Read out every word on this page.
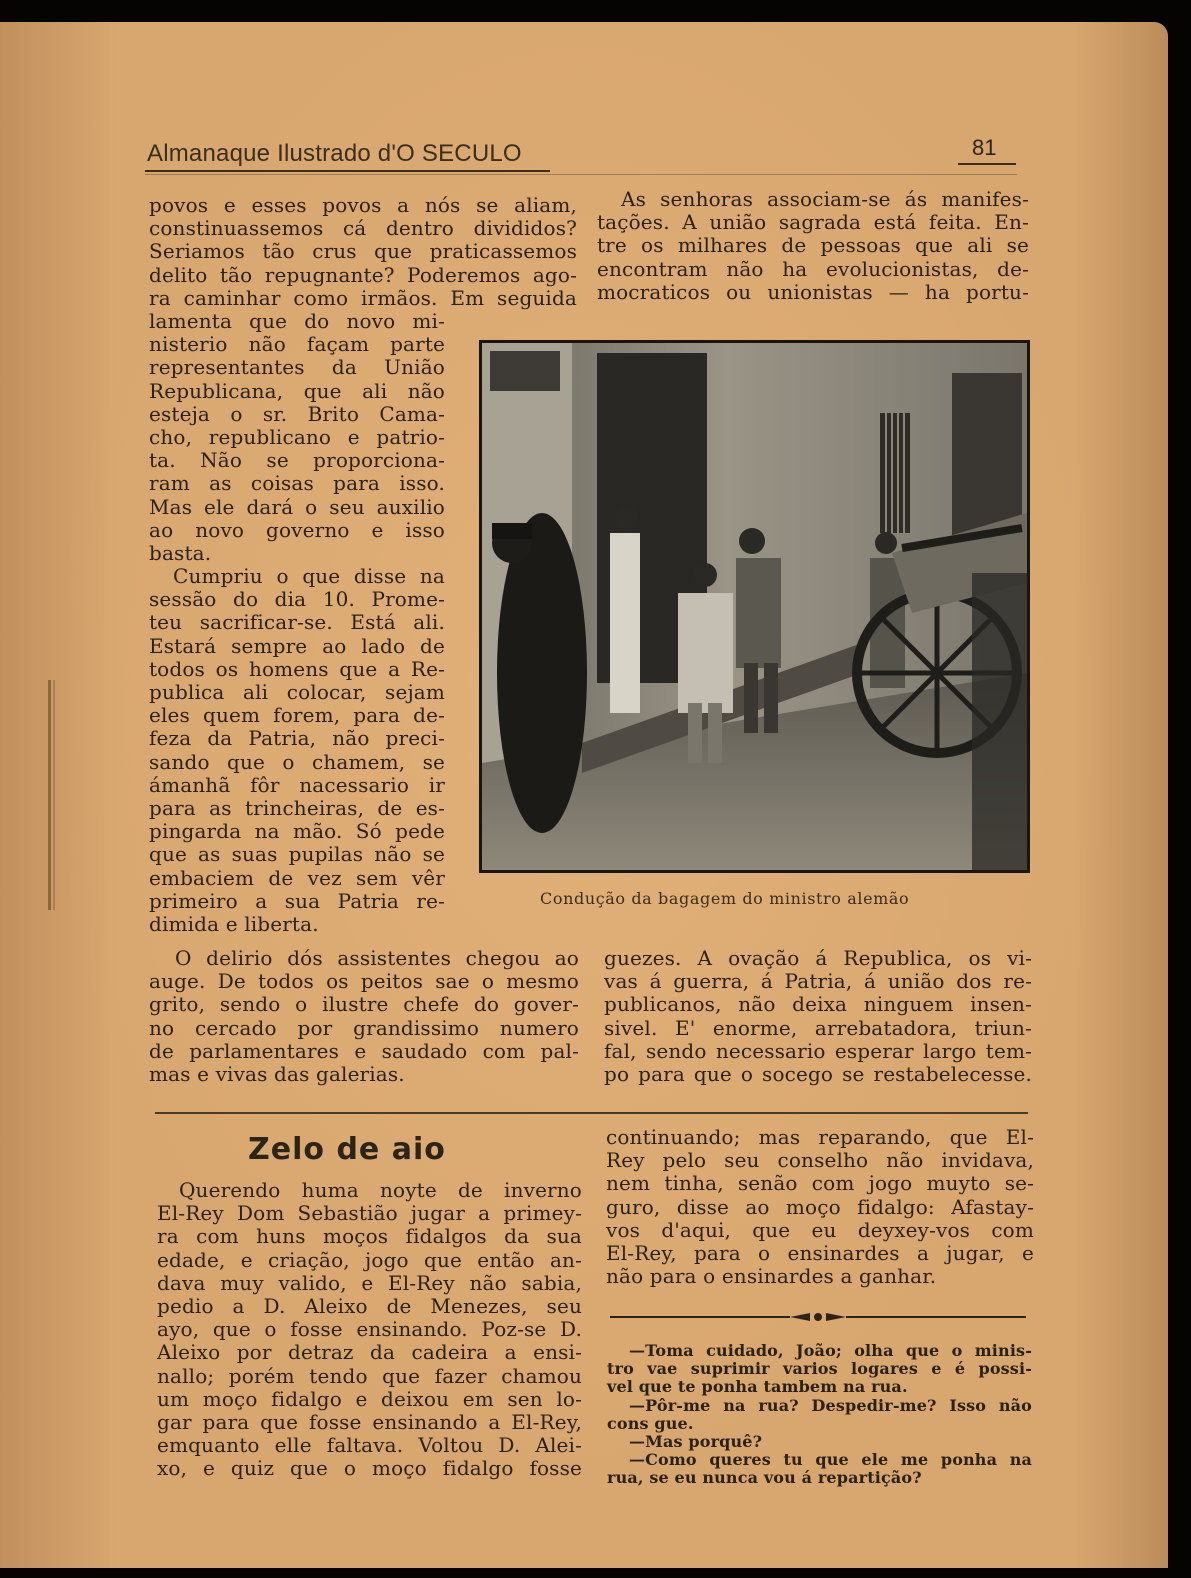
Almanaque Ilustrado d'O SECULO	81
povos e esses povos a nós se aliam,
constinuassemos cá dentro divididos?
Seriamos tão crus que praticassemos
delito tão repugnante? Poderemos ago-
ra caminhar como irmãos. Em seguida
lamenta que do novo mi-
nisterio não façam parte
representantes da União
Republicana, que ali não
esteja o sr. Brito Cama-
cho, republicano e patrio-
ta. Não se proporciona-
ram as coisas para isso.
Mas ele dará o seu auxilio
ao novo governo e isso
basta.
Cumpriu o que disse na
sessão do dia 10. Prome-
teu sacrificar-se. Está ali.
Estará sempre ao lado de
todos os homens que a Re-
publica ali colocar, sejam
eles quem forem, para de-
feza da Patria, não preci-
sando que o chamem, se
ámanhã fôr nacessario ir
para as trincheiras, de es-
pingarda na mão. Só pede
que as suas pupilas não se
embaciem de vez sem vêr
primeiro a sua Patria re-
dimida e liberta.
As senhoras associam-se ás manifes-
tações. A união sagrada está feita. En-
tre os milhares de pessoas que ali se
encontram não ha evolucionistas, de-
mocraticos ou unionistas — ha portu-
Condução da bagagem do ministro alemão
O delirio dós assistentes chegou ao
auge. De todos os peitos sae o mesmo
grito, sendo o ilustre chefe do gover-
no cercado por grandissimo numero
de parlamentares e saudado com pal-
mas e vivas das galerias.
guezes. A ovação á Republica, os vi-
vas á guerra, á Patria, á união dos re-
publicanos, não deixa ninguem insen-
sivel. E' enorme, arrebatadora, triun-
fal, sendo necessario esperar largo tem-
po para que o socego se restabelecesse.
Zelo de aio
Querendo huma noyte de inverno
El-Rey Dom Sebastião jugar a primey-
ra com huns moços fidalgos da sua
edade, e criação, jogo que então an-
dava muy valido, e El-Rey não sabia,
pedio a D. Aleixo de Menezes, seu
ayo, que o fosse ensinando. Poz-se D.
Aleixo por detraz da cadeira a ensi-
nallo; porém tendo que fazer chamou
um moço fidalgo e deixou em sen lo-
gar para que fosse ensinando a El-Rey,
emquanto elle faltava. Voltou D. Alei-
xo, e quiz que o moço fidalgo fosse
continuando; mas reparando, que El-
Rey pelo seu conselho não invidava,
nem tinha, senão com jogo muyto se-
guro, disse ao moço fidalgo: Afastay-
vos d'aqui, que eu deyxey-vos com
El-Rey, para o ensinardes a jugar, e
não para o ensinardes a ganhar.
—Toma cuidado, João; olha que o minis-
tro vae suprimir varios logares e é possi-
vel que te ponha tambem na rua.
—Pôr-me na rua? Despedir-me? Isso não
cons gue.
—Mas porquê?
—Como queres tu que ele me ponha na
rua, se eu nunca vou á repartição?
